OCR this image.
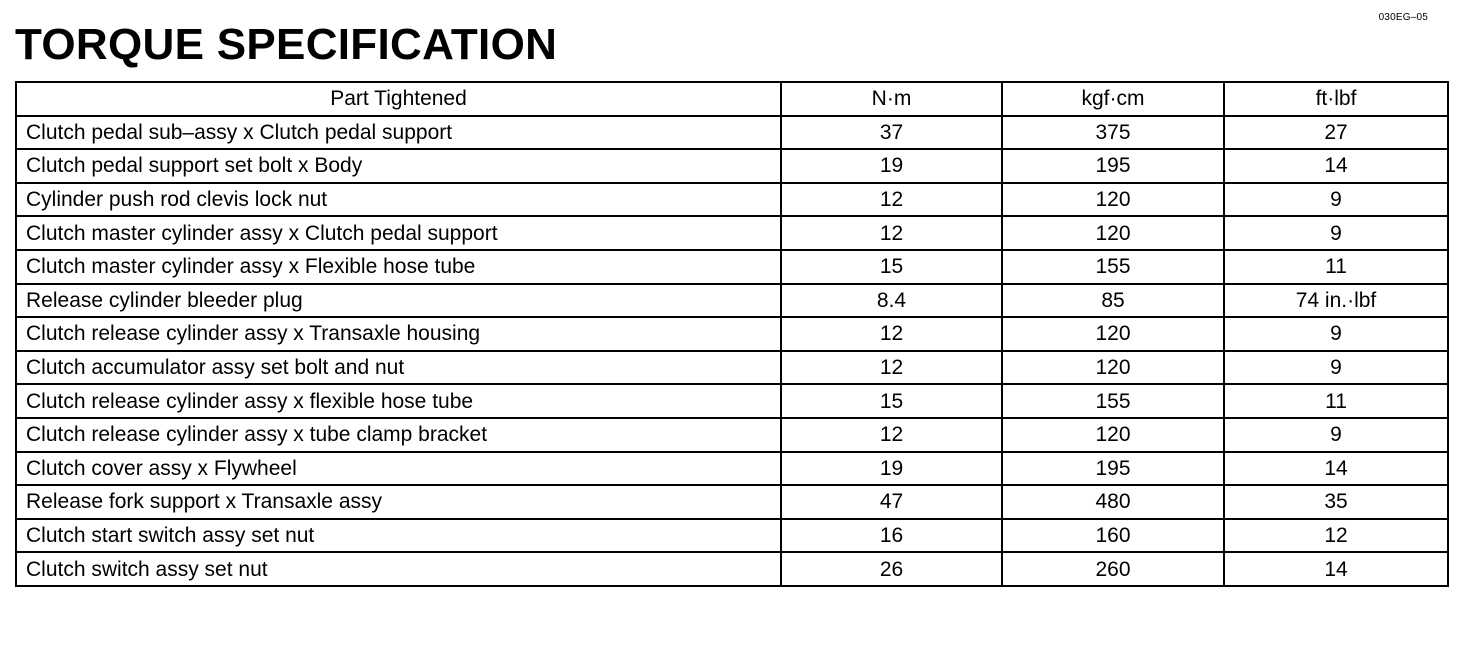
030EG–05
TORQUE SPECIFICATION
Part Tightened	N·m	kgf·cm	ft·lbf
Clutch pedal sub–assy x Clutch pedal support	37	375	27
Clutch pedal support set bolt x Body	19	195	14
Cylinder push rod clevis lock nut	12	120	9
Clutch master cylinder assy x Clutch pedal support	12	120	9
Clutch master cylinder assy x Flexible hose tube	15	155	11
Release cylinder bleeder plug	8.4	85	74 in.·lbf
Clutch release cylinder assy x Transaxle housing	12	120	9
Clutch accumulator assy set bolt and nut	12	120	9
Clutch release cylinder assy x flexible hose tube	15	155	11
Clutch release cylinder assy x tube clamp bracket	12	120	9
Clutch cover assy x Flywheel	19	195	14
Release fork support x Transaxle assy	47	480	35
Clutch start switch assy set nut	16	160	12
Clutch switch assy set nut	26	260	14
